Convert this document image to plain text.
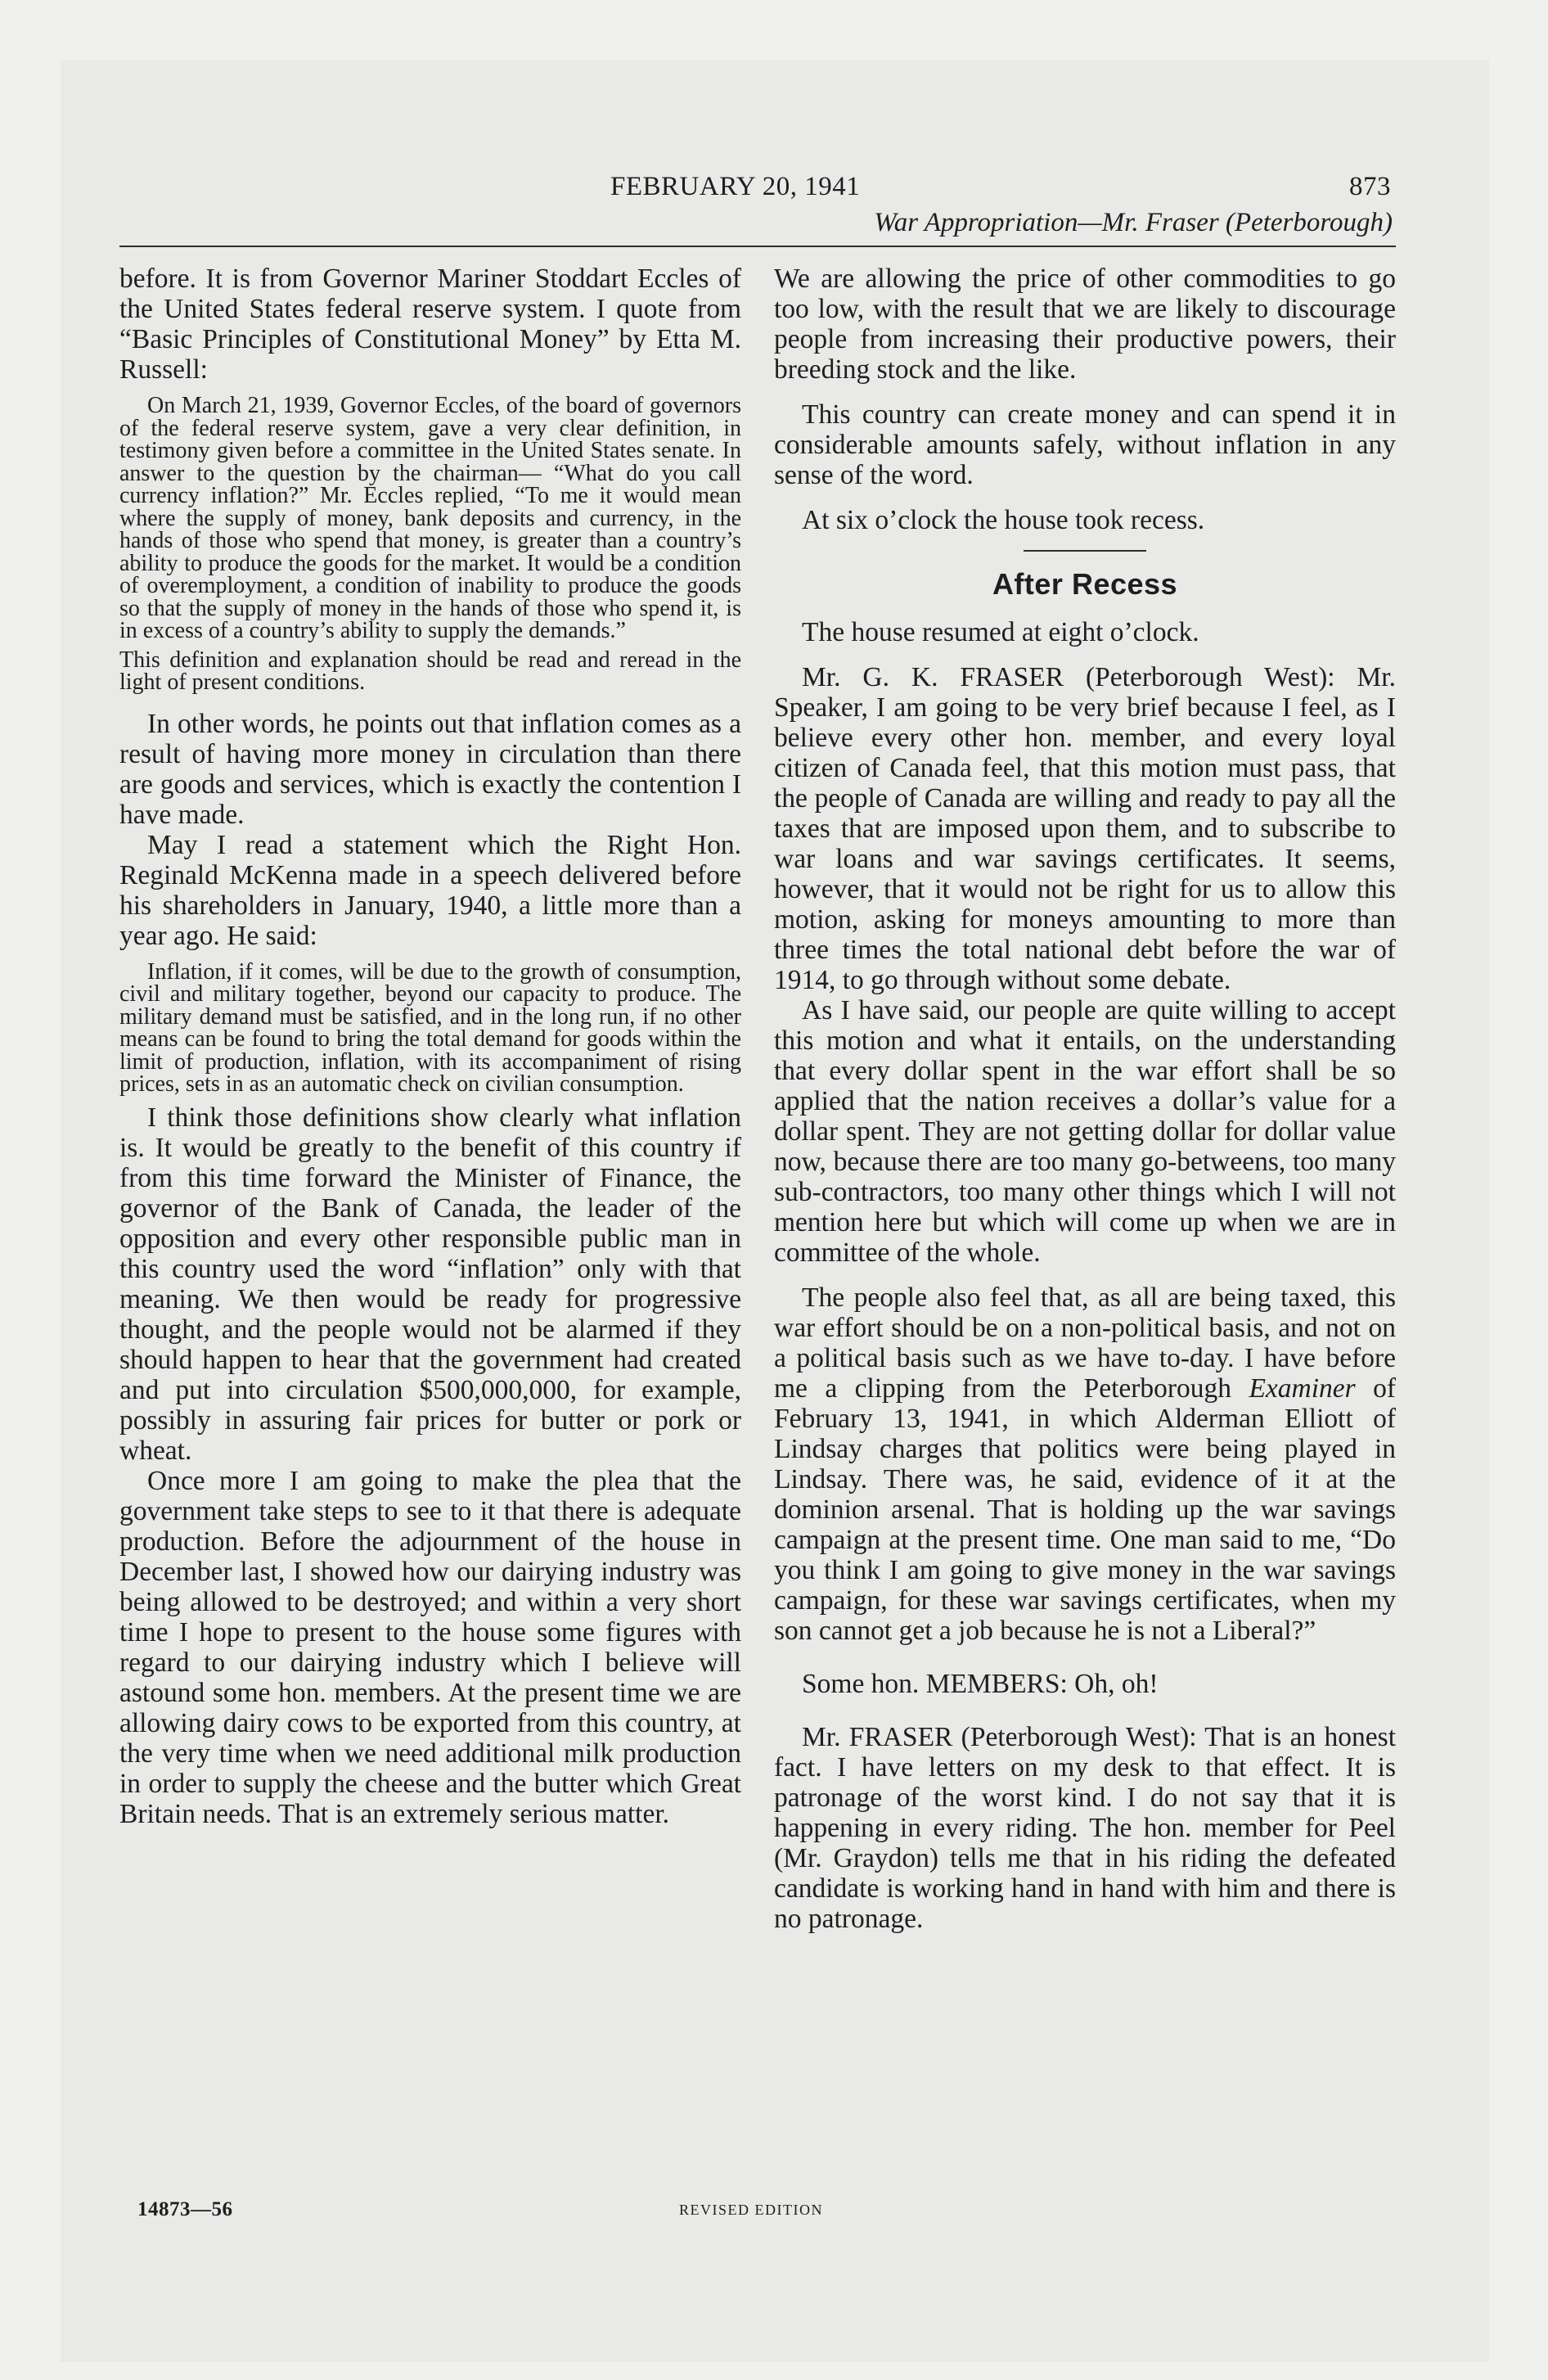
FEBRUARY 20, 1941	873
War Appropriation—Mr. Fraser (Peterborough)

before. It is from Governor Mariner Stoddart Eccles of the United States federal reserve system. I quote from “Basic Principles of Constitutional Money” by Etta M. Russell:

On March 21, 1939, Governor Eccles, of the board of governors of the federal reserve system, gave a very clear definition, in testimony given before a committee in the United States senate. In answer to the question by the chairman— “What do you call currency inflation?” Mr. Eccles replied, “To me it would mean where the supply of money, bank deposits and currency, in the hands of those who spend that money, is greater than a country’s ability to produce the goods for the market. It would be a condition of overemployment, a condition of inability to produce the goods so that the supply of money in the hands of those who spend it, is in excess of a country’s ability to supply the demands.”

This definition and explanation should be read and reread in the light of present conditions.

In other words, he points out that inflation comes as a result of having more money in circulation than there are goods and services, which is exactly the contention I have made.

May I read a statement which the Right Hon. Reginald McKenna made in a speech delivered before his shareholders in January, 1940, a little more than a year ago. He said:

Inflation, if it comes, will be due to the growth of consumption, civil and military together, beyond our capacity to produce. The military demand must be satisfied, and in the long run, if no other means can be found to bring the total demand for goods within the limit of production, inflation, with its accompaniment of rising prices, sets in as an automatic check on civilian consumption.

I think those definitions show clearly what inflation is. It would be greatly to the benefit of this country if from this time forward the Minister of Finance, the governor of the Bank of Canada, the leader of the opposition and every other responsible public man in this country used the word “inflation” only with that meaning. We then would be ready for progressive thought, and the people would not be alarmed if they should happen to hear that the government had created and put into circulation $500,000,000, for example, possibly in assuring fair prices for butter or pork or wheat.

Once more I am going to make the plea that the government take steps to see to it that there is adequate production. Before the adjournment of the house in December last, I showed how our dairying industry was being allowed to be destroyed; and within a very short time I hope to present to the house some figures with regard to our dairying industry which I believe will astound some hon. members. At the present time we are allowing dairy cows to be exported from this country, at the very time when we need additional milk production in order to supply the cheese and the butter which Great Britain needs. That is an extremely serious matter.

We are allowing the price of other commodities to go too low, with the result that we are likely to discourage people from increasing their productive powers, their breeding stock and the like.

This country can create money and can spend it in considerable amounts safely, without inflation in any sense of the word.

At six o’clock the house took recess.

After Recess

The house resumed at eight o’clock.

Mr. G. K. FRASER (Peterborough West): Mr. Speaker, I am going to be very brief because I feel, as I believe every other hon. member, and every loyal citizen of Canada feel, that this motion must pass, that the people of Canada are willing and ready to pay all the taxes that are imposed upon them, and to subscribe to war loans and war savings certificates. It seems, however, that it would not be right for us to allow this motion, asking for moneys amounting to more than three times the total national debt before the war of 1914, to go through without some debate.

As I have said, our people are quite willing to accept this motion and what it entails, on the understanding that every dollar spent in the war effort shall be so applied that the nation receives a dollar’s value for a dollar spent. They are not getting dollar for dollar value now, because there are too many go-betweens, too many sub-contractors, too many other things which I will not mention here but which will come up when we are in committee of the whole.

The people also feel that, as all are being taxed, this war effort should be on a non-political basis, and not on a political basis such as we have to-day. I have before me a clipping from the Peterborough Examiner of February 13, 1941, in which Alderman Elliott of Lindsay charges that politics were being played in Lindsay. There was, he said, evidence of it at the dominion arsenal. That is holding up the war savings campaign at the present time. One man said to me, “Do you think I am going to give money in the war savings campaign, for these war savings certificates, when my son cannot get a job because he is not a Liberal?”

Some hon. MEMBERS: Oh, oh!

Mr. FRASER (Peterborough West): That is an honest fact. I have letters on my desk to that effect. It is patronage of the worst kind. I do not say that it is happening in every riding. The hon. member for Peel (Mr. Graydon) tells me that in his riding the defeated candidate is working hand in hand with him and there is no patronage.

14873—56	REVISED EDITION
